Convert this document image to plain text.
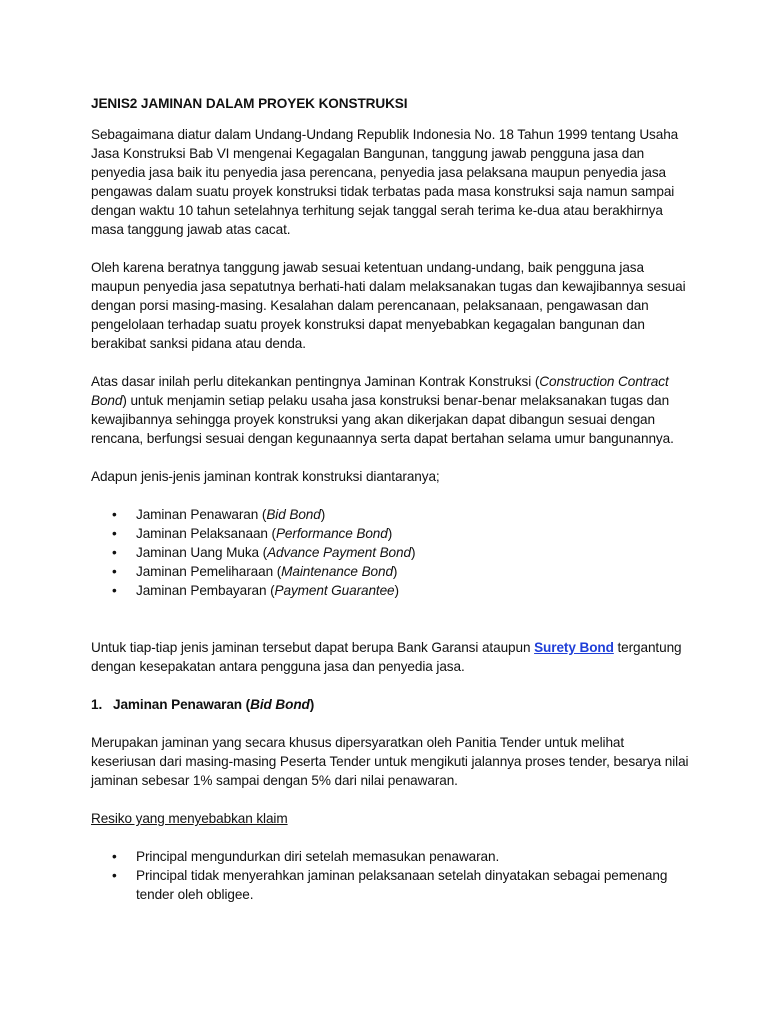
JENIS2 JAMINAN DALAM PROYEK KONSTRUKSI

Sebagaimana diatur dalam Undang-Undang Republik Indonesia No. 18 Tahun 1999 tentang Usaha Jasa Konstruksi Bab VI mengenai Kegagalan Bangunan, tanggung jawab pengguna jasa dan penyedia jasa baik itu penyedia jasa perencana, penyedia jasa pelaksana maupun penyedia jasa pengawas dalam suatu proyek konstruksi tidak terbatas pada masa konstruksi saja namun sampai dengan waktu 10 tahun setelahnya terhitung sejak tanggal serah terima ke-dua atau berakhirnya masa tanggung jawab atas cacat.

Oleh karena beratnya tanggung jawab sesuai ketentuan undang-undang, baik pengguna jasa maupun penyedia jasa sepatutnya berhati-hati dalam melaksanakan tugas dan kewajibannya sesuai dengan porsi masing-masing. Kesalahan dalam perencanaan, pelaksanaan, pengawasan dan pengelolaan terhadap suatu proyek konstruksi dapat menyebabkan kegagalan bangunan dan berakibat sanksi pidana atau denda.

Atas dasar inilah perlu ditekankan pentingnya Jaminan Kontrak Konstruksi (Construction Contract Bond) untuk menjamin setiap pelaku usaha jasa konstruksi benar-benar melaksanakan tugas dan kewajibannya sehingga proyek konstruksi yang akan dikerjakan dapat dibangun sesuai dengan rencana, berfungsi sesuai dengan kegunaannya serta dapat bertahan selama umur bangunannya.

Adapun jenis-jenis jaminan kontrak konstruksi diantaranya;

• Jaminan Penawaran (Bid Bond)
• Jaminan Pelaksanaan (Performance Bond)
• Jaminan Uang Muka (Advance Payment Bond)
• Jaminan Pemeliharaan (Maintenance Bond)
• Jaminan Pembayaran (Payment Guarantee)

Untuk tiap-tiap jenis jaminan tersebut dapat berupa Bank Garansi ataupun Surety Bond tergantung dengan kesepakatan antara pengguna jasa dan penyedia jasa.

1. Jaminan Penawaran (Bid Bond)

Merupakan jaminan yang secara khusus dipersyaratkan oleh Panitia Tender untuk melihat keseriusan dari masing-masing Peserta Tender untuk mengikuti jalannya proses tender, besarya nilai jaminan sebesar 1% sampai dengan 5% dari nilai penawaran.

Resiko yang menyebabkan klaim

• Principal mengundurkan diri setelah memasukan penawaran.
• Principal tidak menyerahkan jaminan pelaksanaan setelah dinyatakan sebagai pemenang tender oleh obligee.
